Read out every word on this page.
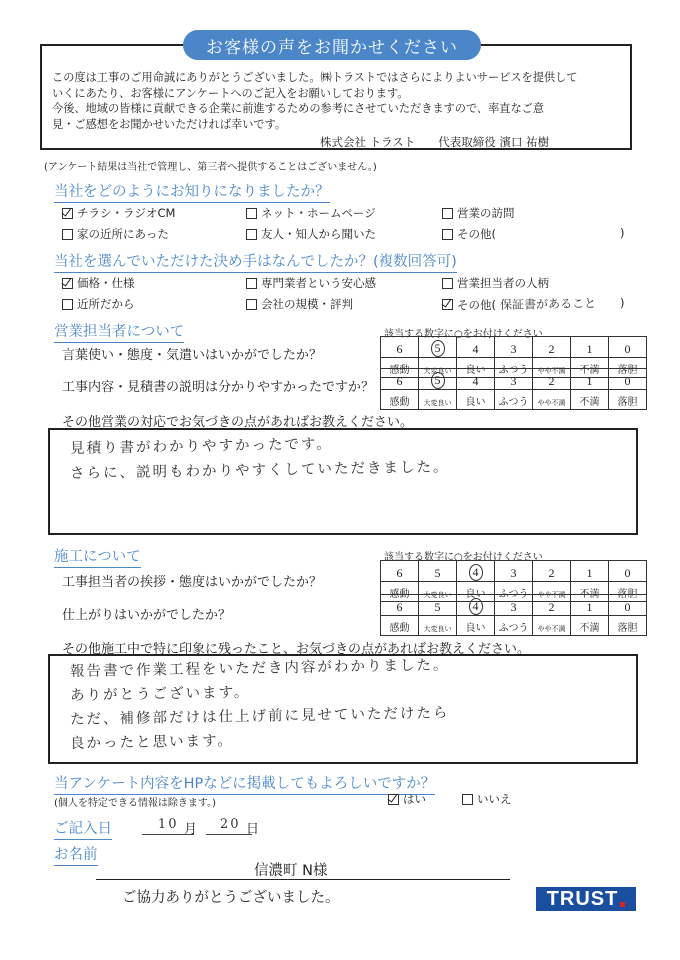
お客様の声をお聞かせください
この度は工事のご用命誠にありがとうございました。㈱トラストではさらによりよいサービスを提供して
いくにあたり、お客様にアンケートへのご記入をお願いしております。
今後、地域の皆様に貢献できる企業に前進するための参考にさせていただきますので、率直なご意
見・ご感想をお聞かせいただければ幸いです。
株式会社 トラスト　　代表取締役 濱口 祐樹
(アンケート結果は当社で管理し、第三者へ提供することはございません。)
当社をどのようにお知りになりましたか？
チラシ・ラジオCM	ネット・ホームページ	営業の訪問
家の近所にあった	友人・知人から聞いた	その他(	)
当社を選んでいただけた決め手はなんでしたか？(複数回答可)
価格・仕様	専門業者という安心感	営業担当者の人柄
近所だから	会社の規模・評判	その他( 保証書があること )
営業担当者について	該当する数字に○をお付けください
言葉使い・態度・気遣いはいかがでしたか？
工事内容・見積書の説明は分かりやすかったですか？
6	5	4	3	2	1	0
感動	大変良い	良い	ふつう	やや不満	不満	落胆
6	5	4	3	2	1	0
感動	大変良い	良い	ふつう	やや不満	不満	落胆
その他営業の対応でお気づきの点があればお教えください。
見積り書がわかりやすかったです。
さらに、説明もわかりやすくしていただきました。
施工について	該当する数字に○をお付けください
工事担当者の挨拶・態度はいかがでしたか？
仕上がりはいかがでしたか？
6	5	4	3	2	1	0
感動	大変良い	良い	ふつう	やや不満	不満	落胆
6	5	4	3	2	1	0
感動	大変良い	良い	ふつう	やや不満	不満	落胆
その他施工中で特に印象に残ったこと、お気づきの点があればお教えください。
報告書で作業工程をいただき内容がわかりました。
ありがとうございます。
ただ、補修部だけは仕上げ前に見せていただけたら
良かったと思います。
当アンケート内容をHPなどに掲載してもよろしいですか？
(個人を特定できる情報は除きます。)	はい	いいえ
ご記入日	10 月 20 日
お名前
信濃町 N様
ご協力ありがとうございました。	TRUST
